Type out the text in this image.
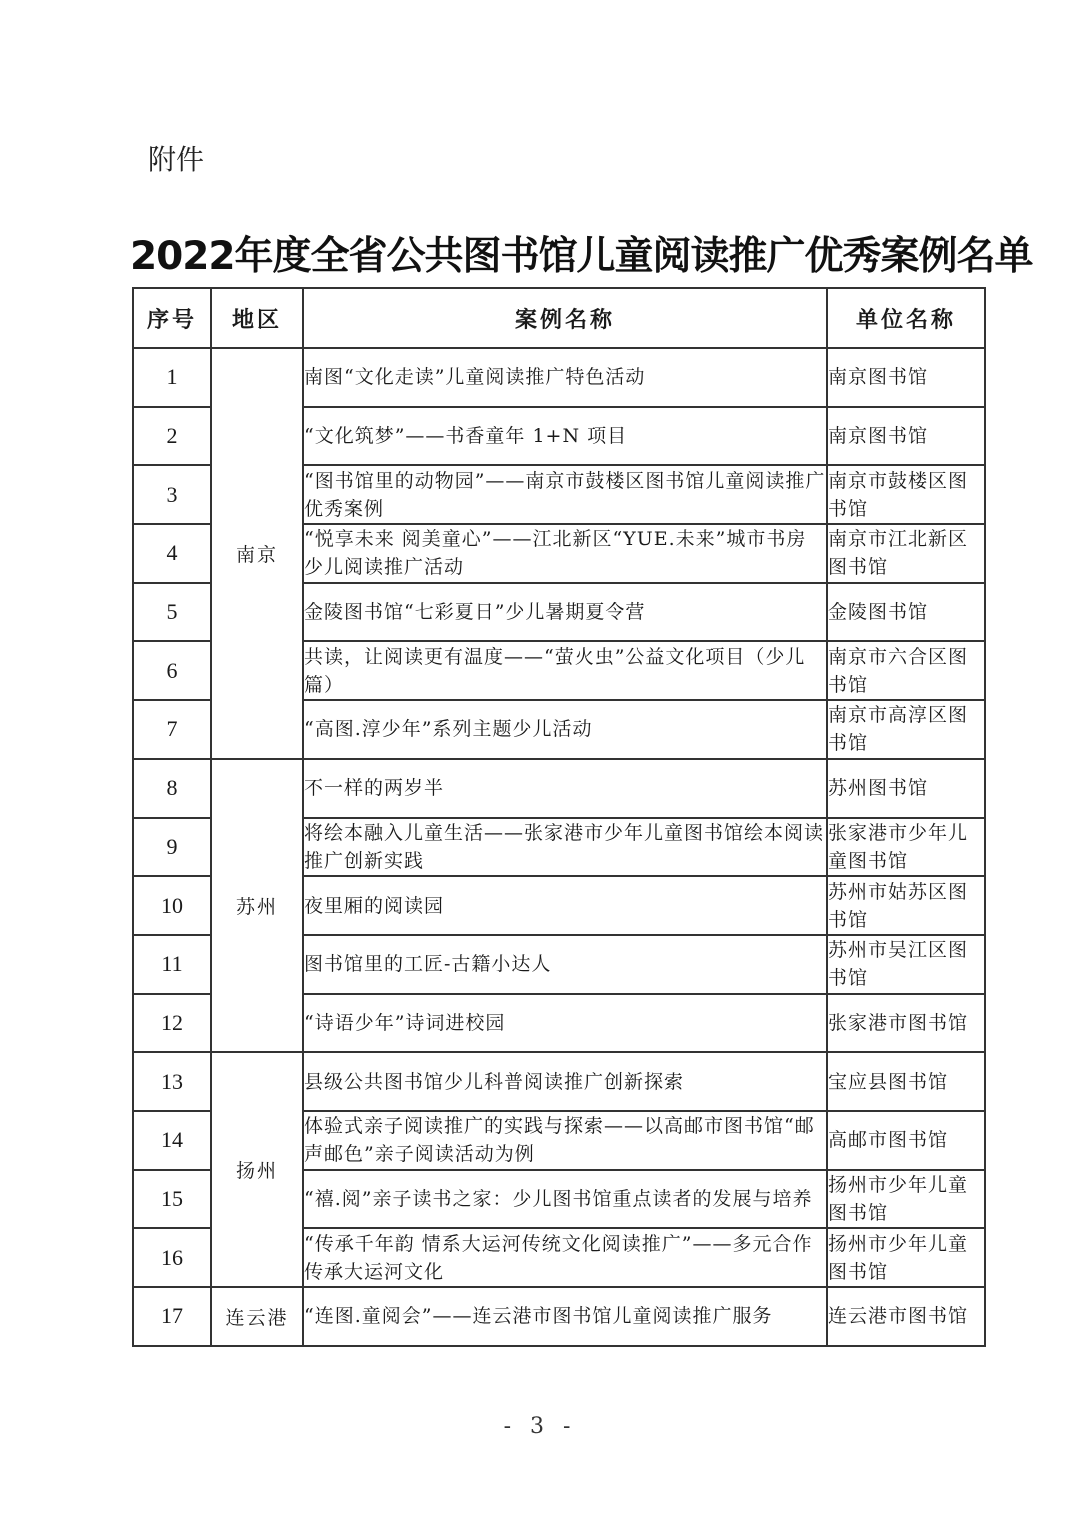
附件
2022年度全省公共图书馆儿童阅读推广优秀案例名单
序号	地区	案例名称	单位名称
1	南京	南图“文化走读”儿童阅读推广特色活动	南京图书馆
2		“文化筑梦”——书香童年 1+N 项目	南京图书馆
3		“图书馆里的动物园”——南京市鼓楼区图书馆儿童阅读推广优秀案例	南京市鼓楼区图书馆
4		“悦享未来 阅美童心”——江北新区“YUE.未来”城市书房少儿阅读推广活动	南京市江北新区图书馆
5		金陵图书馆“七彩夏日”少儿暑期夏令营	金陵图书馆
6		共读，让阅读更有温度——“萤火虫”公益文化项目（少儿篇）	南京市六合区图书馆
7		“高图.淳少年”系列主题少儿活动	南京市高淳区图书馆
8	苏州	不一样的两岁半	苏州图书馆
9		将绘本融入儿童生活——张家港市少年儿童图书馆绘本阅读推广创新实践	张家港市少年儿童图书馆
10		夜里厢的阅读园	苏州市姑苏区图书馆
11		图书馆里的工匠-古籍小达人	苏州市吴江区图书馆
12		“诗语少年”诗词进校园	张家港市图书馆
13	扬州	县级公共图书馆少儿科普阅读推广创新探索	宝应县图书馆
14		体验式亲子阅读推广的实践与探索——以高邮市图书馆“邮声邮色”亲子阅读活动为例	高邮市图书馆
15		“禧.阅”亲子读书之家：少儿图书馆重点读者的发展与培养	扬州市少年儿童图书馆
16		“传承千年韵 情系大运河传统文化阅读推广”——多元合作传承大运河文化	扬州市少年儿童图书馆
17	连云港	“连图.童阅会”——连云港市图书馆儿童阅读推广服务	连云港市图书馆
- 3 -
